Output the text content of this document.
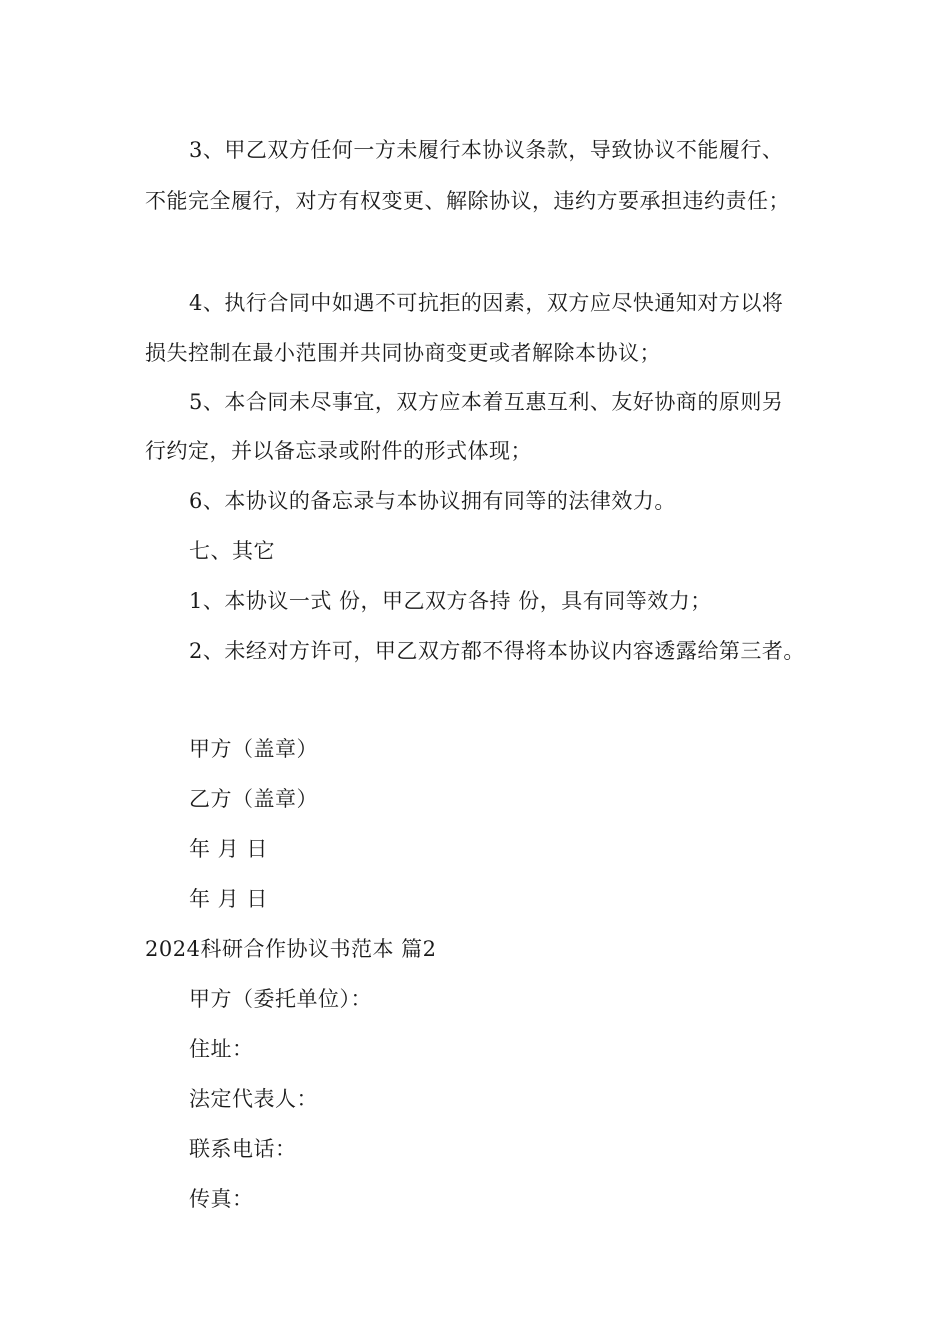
3、甲乙双方任何一方未履行本协议条款，导致协议不能履行、
不能完全履行，对方有权变更、解除协议，违约方要承担违约责任；
4、执行合同中如遇不可抗拒的因素，双方应尽快通知对方以将
损失控制在最小范围并共同协商变更或者解除本协议；
5、本合同未尽事宜，双方应本着互惠互利、友好协商的原则另
行约定，并以备忘录或附件的形式体现；
6、本协议的备忘录与本协议拥有同等的法律效力。
七、其它
1、本协议一式 份，甲乙双方各持 份，具有同等效力；
2、未经对方许可，甲乙双方都不得将本协议内容透露给第三者。
甲方（盖章）
乙方（盖章）
年 月 日
年 月 日
2024科研合作协议书范本 篇2
甲方（委托单位）：
住址：
法定代表人：
联系电话：
传真：
